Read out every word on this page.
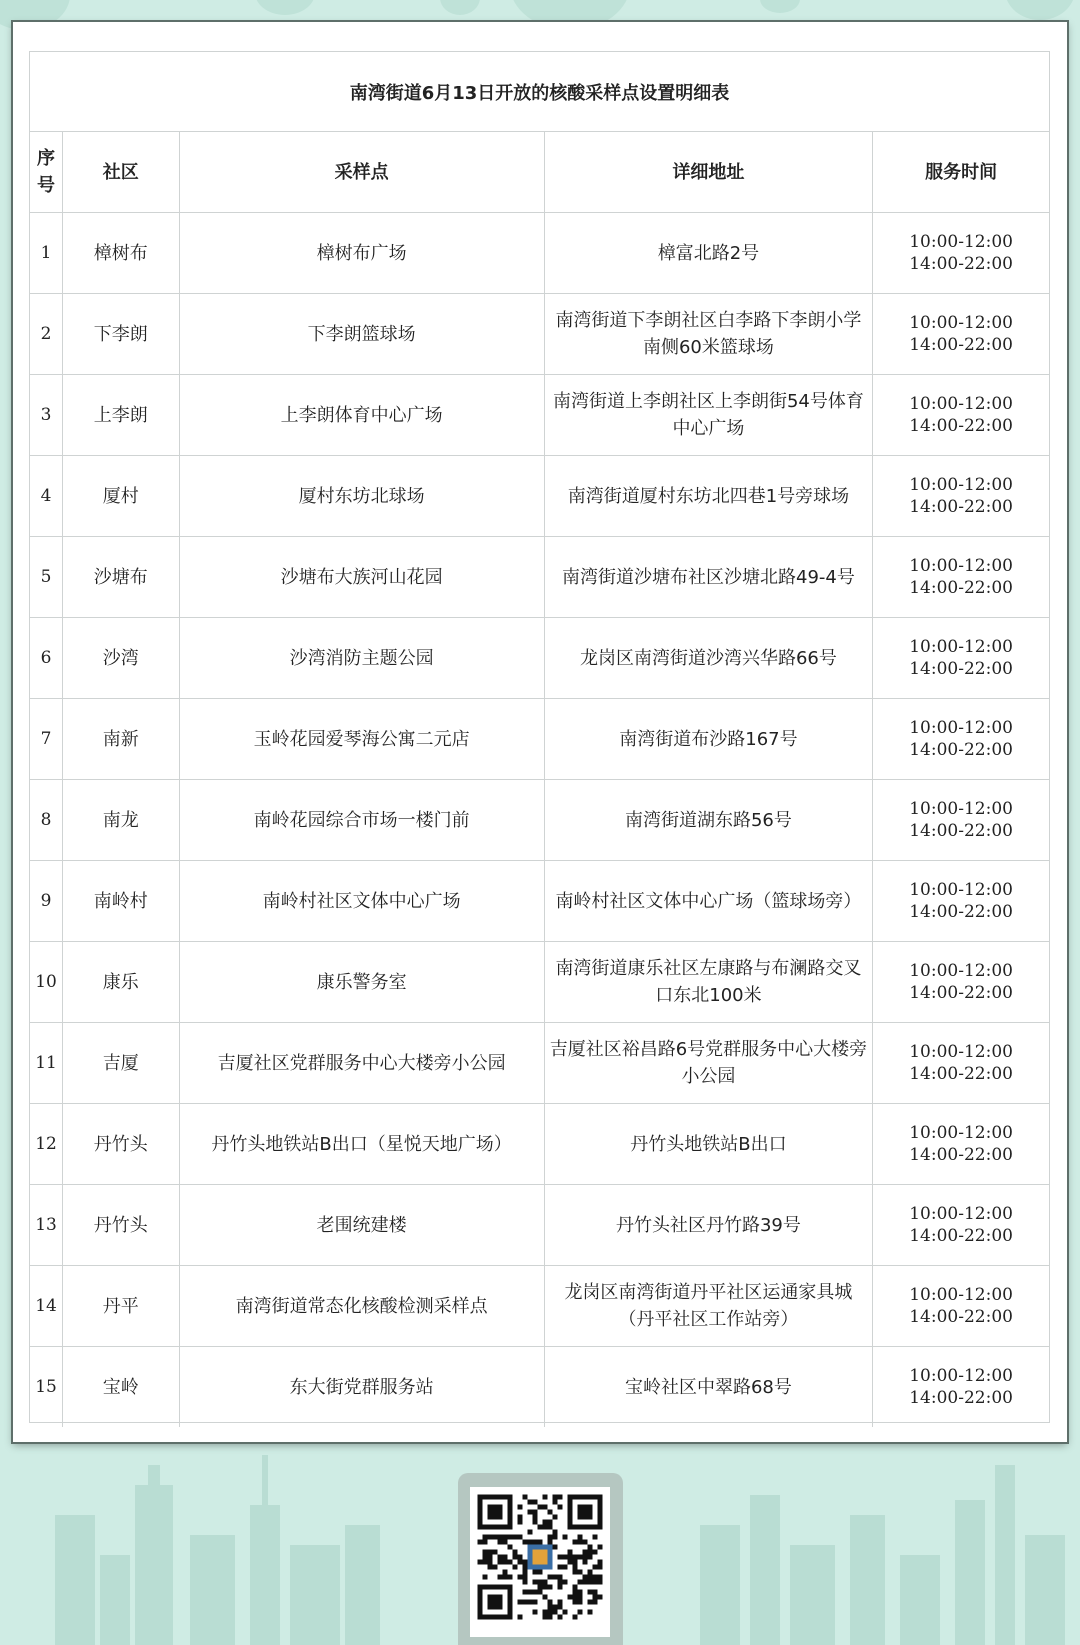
南湾街道6月13日开放的核酸采样点设置明细表
序号	社区	采样点	详细地址	服务时间
1	樟树布	樟树布广场	樟富北路2号	10:00-12:00
14:00-22:00

2	下李朗	下李朗篮球场	南湾街道下李朗社区白李路下李朗小学南侧60米篮球场	10:00-12:00
14:00-22:00

3	上李朗	上李朗体育中心广场	南湾街道上李朗社区上李朗街54号体育中心广场	10:00-12:00
14:00-22:00

4	厦村	厦村东坊北球场	南湾街道厦村东坊北四巷1号旁球场	10:00-12:00
14:00-22:00

5	沙塘布	沙塘布大族河山花园	南湾街道沙塘布社区沙塘北路49-4号	10:00-12:00
14:00-22:00

6	沙湾	沙湾消防主题公园	龙岗区南湾街道沙湾兴华路66号	10:00-12:00
14:00-22:00

7	南新	玉岭花园爱琴海公寓二元店	南湾街道布沙路167号	10:00-12:00
14:00-22:00

8	南龙	南岭花园综合市场一楼门前	南湾街道湖东路56号	10:00-12:00
14:00-22:00

9	南岭村	南岭村社区文体中心广场	南岭村社区文体中心广场（篮球场旁）	10:00-12:00
14:00-22:00

10	康乐	康乐警务室	南湾街道康乐社区左康路与布澜路交叉口东北100米	10:00-12:00
14:00-22:00

11	吉厦	吉厦社区党群服务中心大楼旁小公园	吉厦社区裕昌路6号党群服务中心大楼旁小公园	10:00-12:00
14:00-22:00

12	丹竹头	丹竹头地铁站B出口（星悦天地广场）	丹竹头地铁站B出口	10:00-12:00
14:00-22:00

13	丹竹头	老围统建楼	丹竹头社区丹竹路39号	10:00-12:00
14:00-22:00

14	丹平	南湾街道常态化核酸检测采样点	龙岗区南湾街道丹平社区运通家具城（丹平社区工作站旁）	10:00-12:00
14:00-22:00

15	宝岭	东大街党群服务站	宝岭社区中翠路68号	10:00-12:00
14:00-22:00
